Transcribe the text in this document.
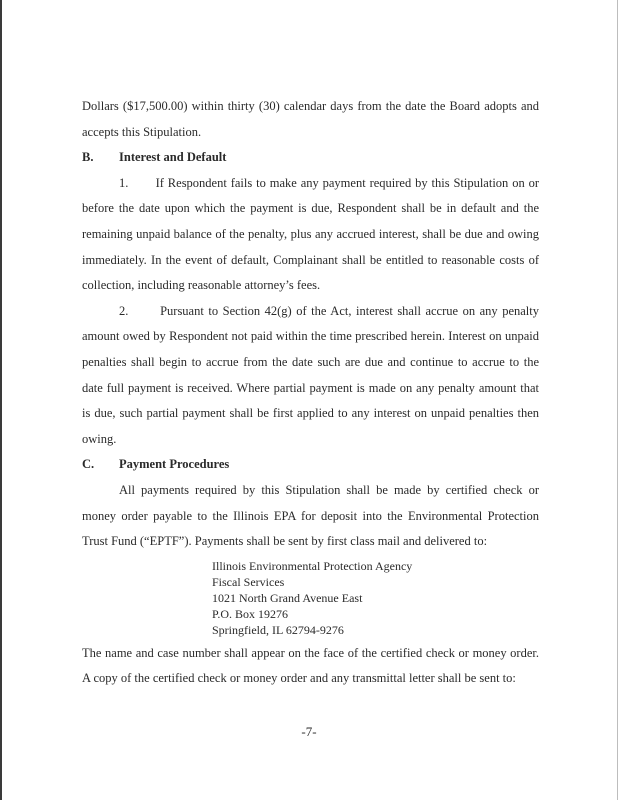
Dollars ($17,500.00) within thirty (30) calendar days from the date the Board adopts and accepts this Stipulation.

B. Interest and Default

1.       If Respondent fails to make any payment required by this Stipulation on or before the date upon which the payment is due, Respondent shall be in default and the remaining unpaid balance of the penalty, plus any accrued interest, shall be due and owing immediately. In the event of default, Complainant shall be entitled to reasonable costs of collection, including reasonable attorney’s fees.

2.       Pursuant to Section 42(g) of the Act, interest shall accrue on any penalty amount owed by Respondent not paid within the time prescribed herein. Interest on unpaid penalties shall begin to accrue from the date such are due and continue to accrue to the date full payment is received. Where partial payment is made on any penalty amount that is due, such partial payment shall be first applied to any interest on unpaid penalties then owing.

C. Payment Procedures

All payments required by this Stipulation shall be made by certified check or money order payable to the Illinois EPA for deposit into the Environmental Protection Trust Fund (“EPTF”). Payments shall be sent by first class mail and delivered to:

Illinois Environmental Protection Agency
Fiscal Services
1021 North Grand Avenue East
P.O. Box 19276
Springfield, IL 62794-9276

The name and case number shall appear on the face of the certified check or money order. A copy of the certified check or money order and any transmittal letter shall be sent to:

-7-
